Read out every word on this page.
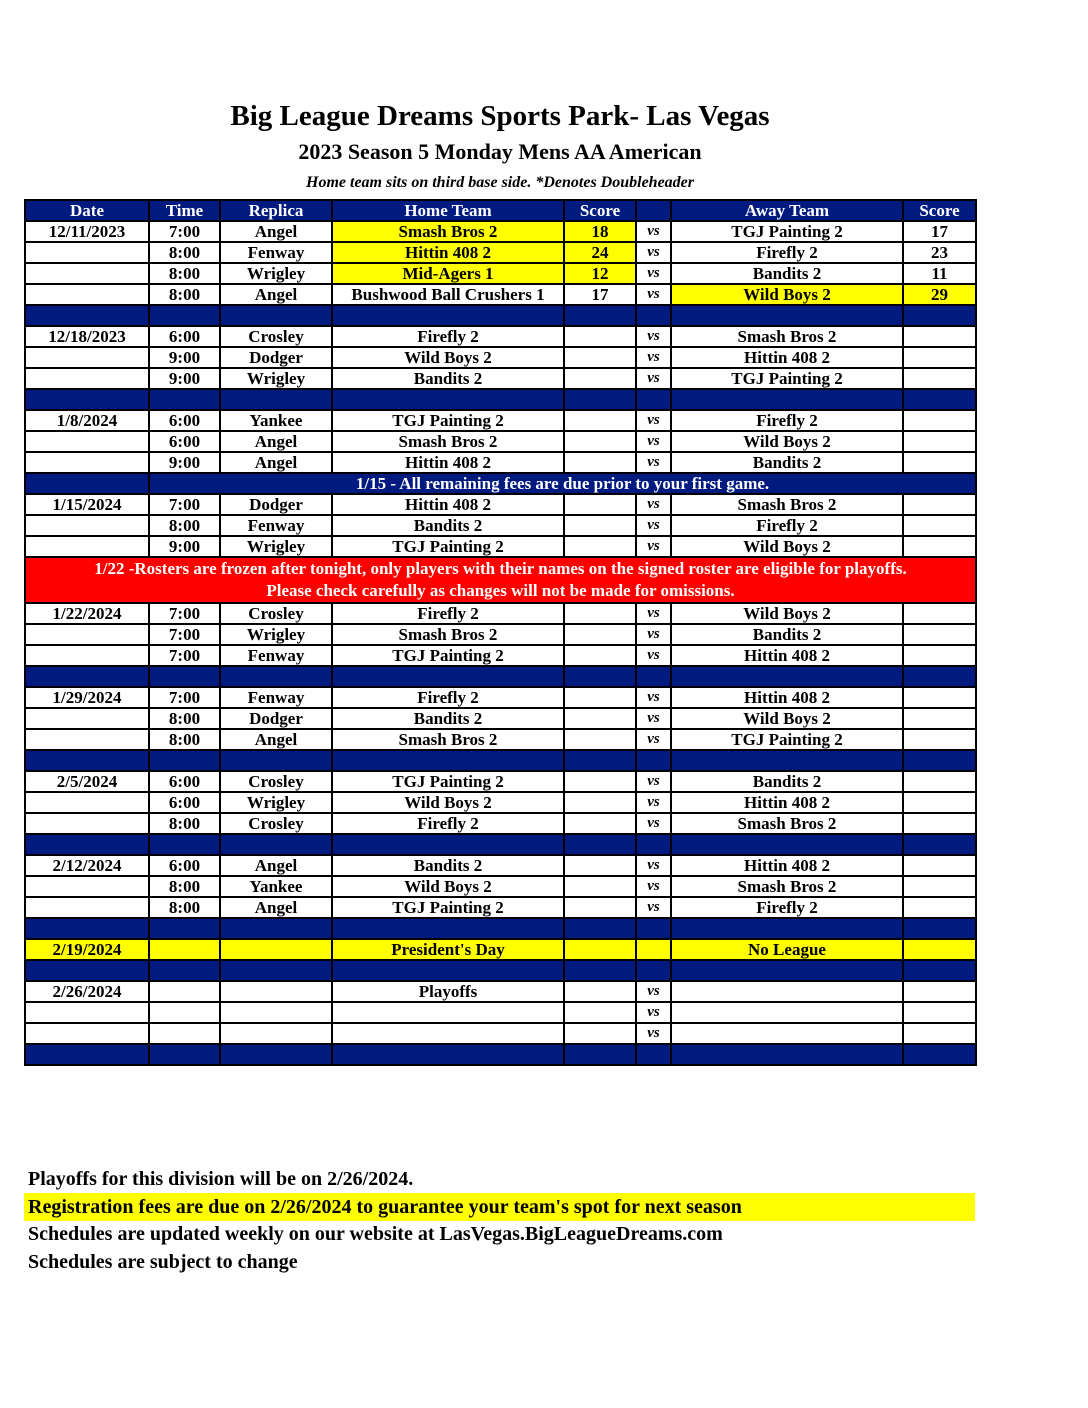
Big League Dreams Sports Park- Las Vegas
2023 Season 5 Monday Mens AA American
Home team sits on third base side. *Denotes Doubleheader
Date	Time	Replica	Home Team	Score		Away Team	Score
12/11/2023	7:00	Angel	Smash Bros 2	18	vs	TGJ Painting 2	17
	8:00	Fenway	Hittin 408 2	24	vs	Firefly 2	23
	8:00	Wrigley	Mid-Agers 1	12	vs	Bandits 2	11
	8:00	Angel	Bushwood Ball Crushers 1	17	vs	Wild Boys 2	29

12/18/2023	6:00	Crosley	Firefly 2		vs	Smash Bros 2	
	9:00	Dodger	Wild Boys 2		vs	Hittin 408 2	
	9:00	Wrigley	Bandits 2		vs	TGJ Painting 2	

1/8/2024	6:00	Yankee	TGJ Painting 2		vs	Firefly 2	
	6:00	Angel	Smash Bros 2		vs	Wild Boys 2	
	9:00	Angel	Hittin 408 2		vs	Bandits 2	
	1/15 - All remaining fees are due prior to your first game.						
1/15/2024	7:00	Dodger	Hittin 408 2		vs	Smash Bros 2	
	8:00	Fenway	Bandits 2		vs	Firefly 2	
	9:00	Wrigley	TGJ Painting 2		vs	Wild Boys 2	

1/22 -Rosters are frozen after tonight, only players with their names on the signed roster are eligible for playoffs.
Please check carefully as changes will not be made for omissions.							

1/22/2024	7:00	Crosley	Firefly 2		vs	Wild Boys 2	
	7:00	Wrigley	Smash Bros 2		vs	Bandits 2	
	7:00	Fenway	TGJ Painting 2		vs	Hittin 408 2	

1/29/2024	7:00	Fenway	Firefly 2		vs	Hittin 408 2	
	8:00	Dodger	Bandits 2		vs	Wild Boys 2	
	8:00	Angel	Smash Bros 2		vs	TGJ Painting 2	

2/5/2024	6:00	Crosley	TGJ Painting 2		vs	Bandits 2	
	6:00	Wrigley	Wild Boys 2		vs	Hittin 408 2	
	8:00	Crosley	Firefly 2		vs	Smash Bros 2	

2/12/2024	6:00	Angel	Bandits 2		vs	Hittin 408 2	
	8:00	Yankee	Wild Boys 2		vs	Smash Bros 2	
	8:00	Angel	TGJ Painting 2		vs	Firefly 2	

2/19/2024			President's Day			No League	

2/26/2024			Playoffs		vs		
					vs		
					vs		

Playoffs for this division will be on 2/26/2024.
Registration fees are due on 2/26/2024 to guarantee your team's spot for next season
Schedules are updated weekly on our website at LasVegas.BigLeagueDreams.com
Schedules are subject to change
